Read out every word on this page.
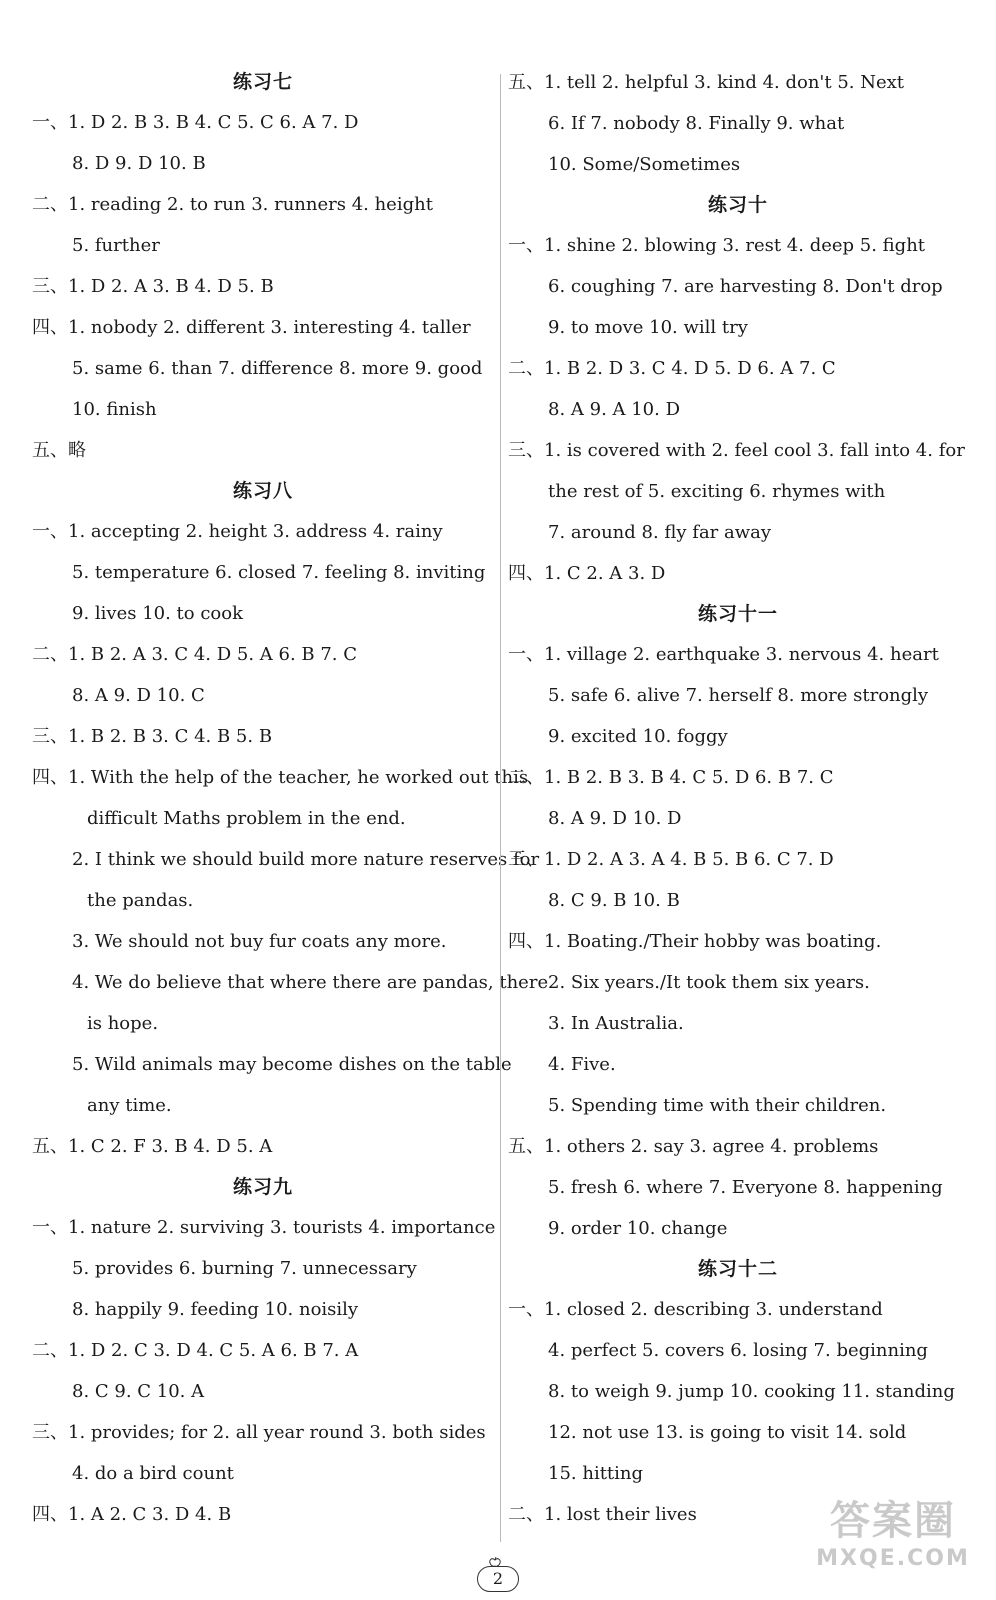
练习七
一、1. D 2. B 3. B 4. C 5. C 6. A 7. D
8. D 9. D 10. B
二、1. reading 2. to run 3. runners 4. height
5. further
三、1. D 2. A 3. B 4. D 5. B
四、1. nobody 2. different 3. interesting 4. taller
5. same 6. than 7. difference 8. more 9. good
10. finish
五、略
练习八
一、1. accepting 2. height 3. address 4. rainy
5. temperature 6. closed 7. feeling 8. inviting
9. lives 10. to cook
二、1. B 2. A 3. C 4. D 5. A 6. B 7. C
8. A 9. D 10. C
三、1. B 2. B 3. C 4. B 5. B
四、1. With the help of the teacher, he worked out this
difficult Maths problem in the end.
2. I think we should build more nature reserves for
the pandas.
3. We should not buy fur coats any more.
4. We do believe that where there are pandas, there
is hope.
5. Wild animals may become dishes on the table
any time.
五、1. C 2. F 3. B 4. D 5. A
练习九
一、1. nature 2. surviving 3. tourists 4. importance
5. provides 6. burning 7. unnecessary
8. happily 9. feeding 10. noisily
二、1. D 2. C 3. D 4. C 5. A 6. B 7. A
8. C 9. C 10. A
三、1. provides; for 2. all year round 3. both sides
4. do a bird count
四、1. A 2. C 3. D 4. B
五、1. tell 2. helpful 3. kind 4. don't 5. Next
6. If 7. nobody 8. Finally 9. what
10. Some/Sometimes
练习十
一、1. shine 2. blowing 3. rest 4. deep 5. fight
6. coughing 7. are harvesting 8. Don't drop
9. to move 10. will try
二、1. B 2. D 3. C 4. D 5. D 6. A 7. C
8. A 9. A 10. D
三、1. is covered with 2. feel cool 3. fall into 4. for
the rest of 5. exciting 6. rhymes with
7. around 8. fly far away
四、1. C 2. A 3. D
练习十一
一、1. village 2. earthquake 3. nervous 4. heart
5. safe 6. alive 7. herself 8. more strongly
9. excited 10. foggy
二、1. B 2. B 3. B 4. C 5. D 6. B 7. C
8. A 9. D 10. D
三、1. D 2. A 3. A 4. B 5. B 6. C 7. D
8. C 9. B 10. B
四、1. Boating./Their hobby was boating.
2. Six years./It took them six years.
3. In Australia.
4. Five.
5. Spending time with their children.
五、1. others 2. say 3. agree 4. problems
5. fresh 6. where 7. Everyone 8. happening
9. order 10. change
练习十二
一、1. closed 2. describing 3. understand
4. perfect 5. covers 6. losing 7. beginning
8. to weigh 9. jump 10. cooking 11. standing
12. not use 13. is going to visit 14. sold
15. hitting
二、1. lost their lives
2
答案圈
MXQE.COM
